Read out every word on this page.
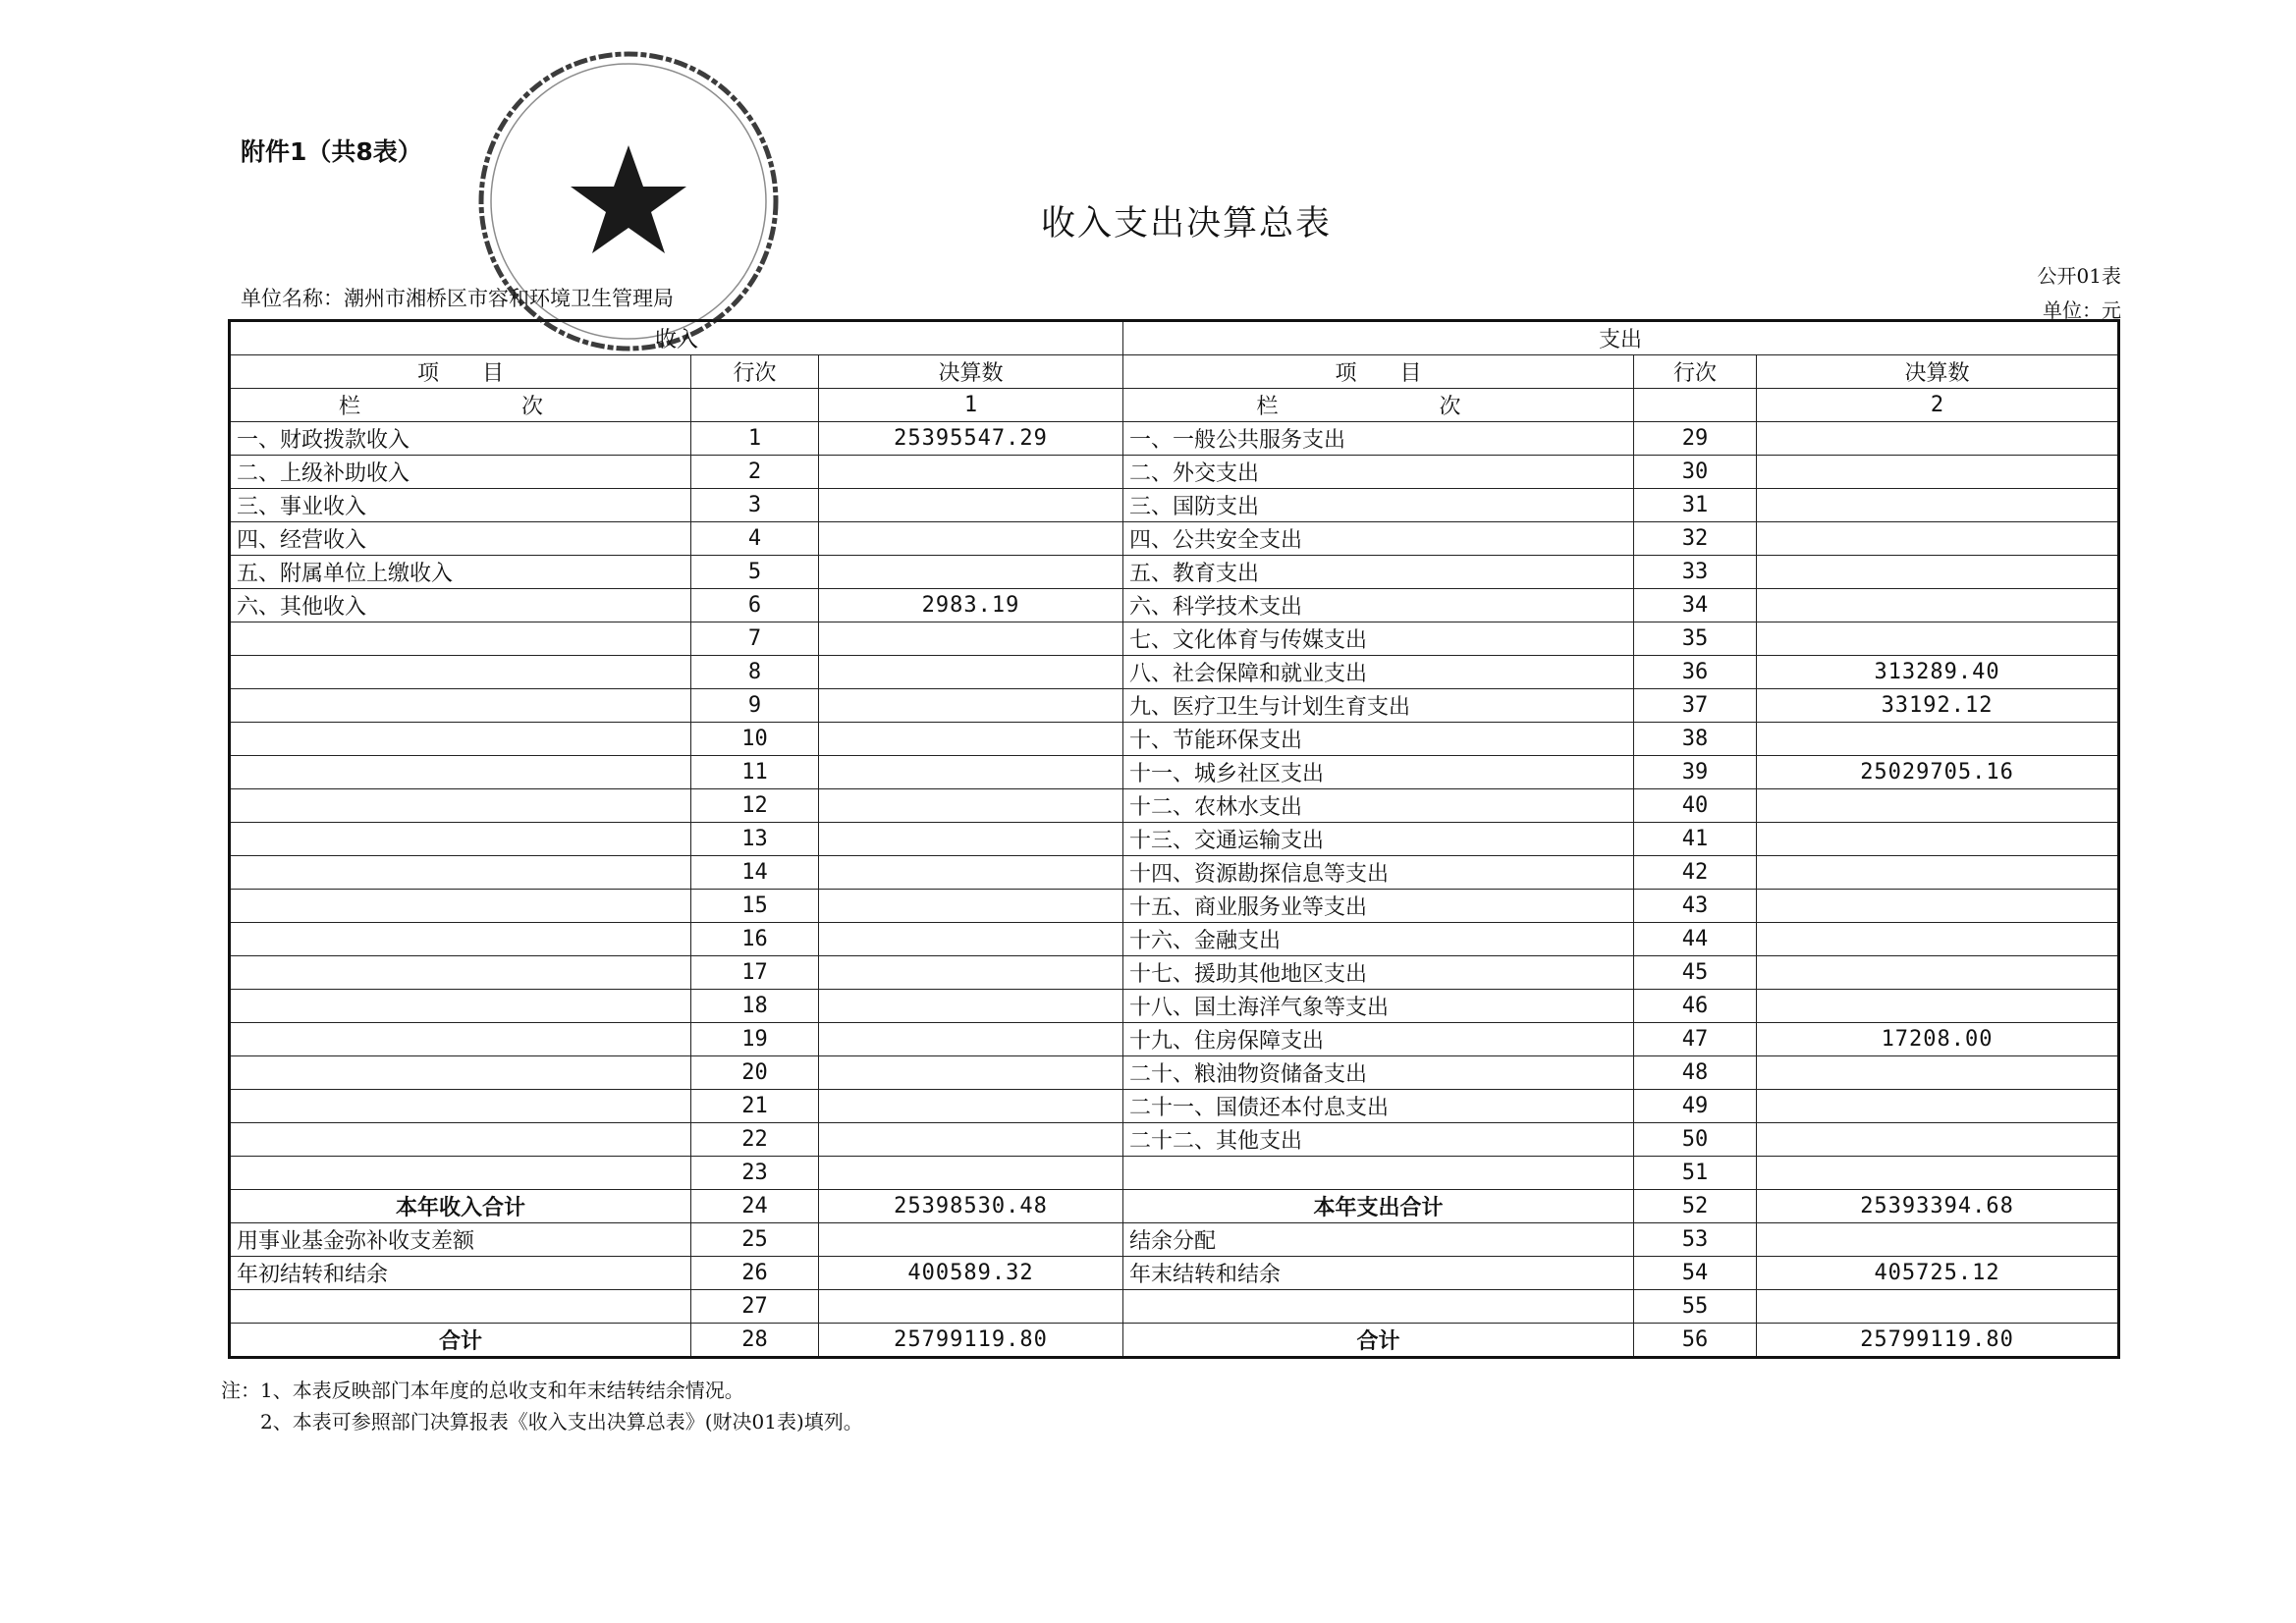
附件1（共8表）
收入支出决算总表
单位名称：潮州市湘桥区市容和环境卫生管理局
公开01表
单位：元
收入			支出		
项　　目	行次	决算数	项　　目	行次	决算数
栏　　次		1	栏　　次		2
一、财政拨款收入	1	25395547.29	一、一般公共服务支出	29	
二、上级补助收入	2		二、外交支出	30	
三、事业收入	3		三、国防支出	31	
四、经营收入	4		四、公共安全支出	32	
五、附属单位上缴收入	5		五、教育支出	33	
六、其他收入	6	2983.19	六、科学技术支出	34	
	7		七、文化体育与传媒支出	35	
	8		八、社会保障和就业支出	36	313289.40
	9		九、医疗卫生与计划生育支出	37	33192.12
	10		十、节能环保支出	38	
	11		十一、城乡社区支出	39	25029705.16
	12		十二、农林水支出	40	
	13		十三、交通运输支出	41	
	14		十四、资源勘探信息等支出	42	
	15		十五、商业服务业等支出	43	
	16		十六、金融支出	44	
	17		十七、援助其他地区支出	45	
	18		十八、国土海洋气象等支出	46	
	19		十九、住房保障支出	47	17208.00
	20		二十、粮油物资储备支出	48	
	21		二十一、国债还本付息支出	49	
	22		二十二、其他支出	50	
	23			51	
本年收入合计	24	25398530.48	本年支出合计	52	25393394.68
用事业基金弥补收支差额	25		结余分配	53	
年初结转和结余	26	400589.32	年末结转和结余	54	405725.12
	27			55	
合计	28	25799119.80	合计	56	25799119.80
注：1、本表反映部门本年度的总收支和年末结转结余情况。
2、本表可参照部门决算报表《收入支出决算总表》(财决01表)填列。
